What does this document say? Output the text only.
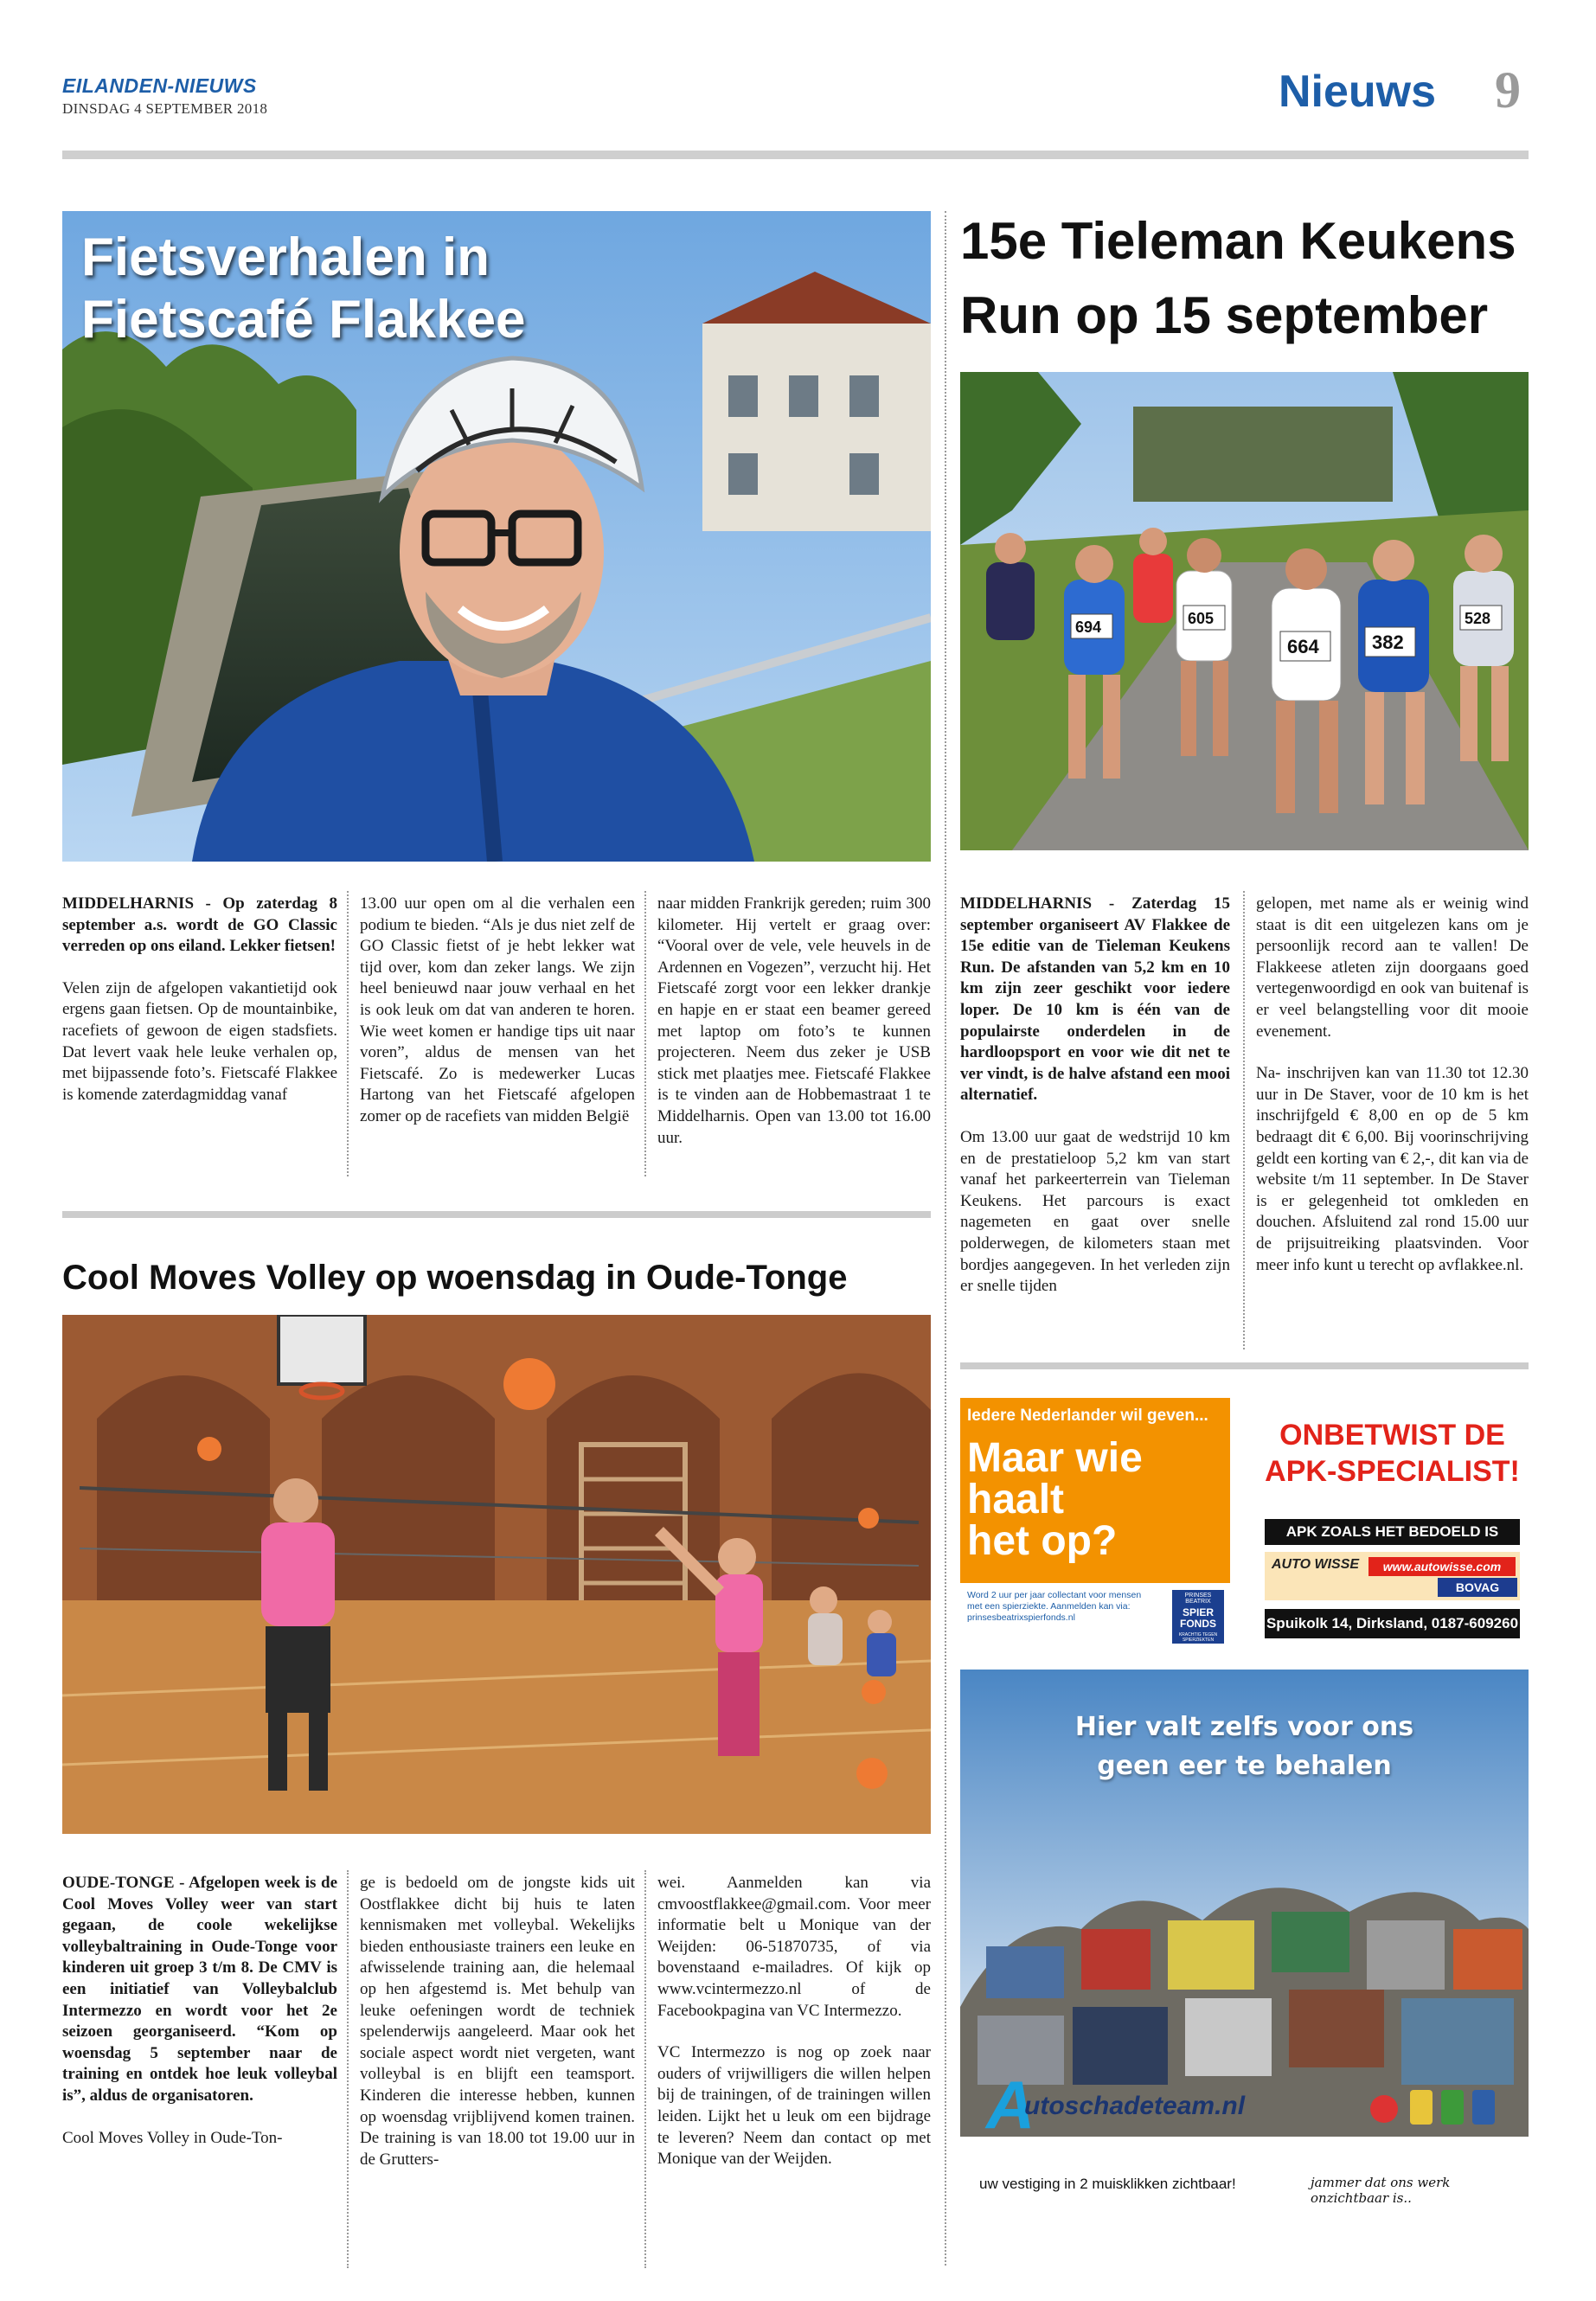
EILANDEN-NIEUWS
DINSDAG 4 SEPTEMBER 2018	Nieuws 9
Fietsverhalen in
Fietscafé Flakkee

MIDDELHARNIS - Op zaterdag 8 september a.s. wordt de GO Classic verreden op ons eiland. Lekker fietsen!

Velen zijn de afgelopen vakantietijd ook ergens gaan fietsen. Op de mountainbike, racefiets of gewoon de eigen stadsfiets. Dat levert vaak hele leuke verhalen op, met bijpassende foto’s. Fietscafé Flakkee is komende zaterdagmiddag vanaf

13.00 uur open om al die verhalen een podium te bieden. “Als je dus niet zelf de GO Classic fietst of je hebt lekker wat tijd over, kom dan zeker langs. We zijn heel benieuwd naar jouw verhaal en het is ook leuk om dat van anderen te horen. Wie weet komen er handige tips uit naar voren”, aldus de mensen van het Fietscafé. Zo is medewerker Lucas Hartong van het Fietscafé afgelopen zomer op de racefiets van midden België

naar midden Frankrijk gereden; ruim 300 kilometer. Hij vertelt er graag over: “Vooral over de vele, vele heuvels in de Ardennen en Vogezen”, verzucht hij. Het Fietscafé zorgt voor een lekker drankje en hapje en er staat een beamer gereed met laptop om foto’s te kunnen projecteren. Neem dus zeker je USB stick met plaatjes mee. Fietscafé Flakkee is te vinden aan de Hobbemastraat 1 te Middelharnis. Open van 13.00 tot 16.00 uur.

15e Tieleman Keukens
Run op 15 september
664	382
605	528
694

MIDDELHARNIS - Zaterdag 15 september organiseert AV Flakkee de 15e editie van de Tieleman Keukens Run. De afstanden van 5,2 km en 10 km zijn zeer geschikt voor iedere loper. De 10 km is één van de populairste onderdelen in de hardloopsport en voor wie dit net te ver vindt, is de halve afstand een mooi alternatief.

Om 13.00 uur gaat de wedstrijd 10 km en de prestatieloop 5,2 km van start vanaf het parkeerterrein van Tieleman Keukens. Het parcours is exact nagemeten en gaat over snelle polderwegen, de kilometers staan met bordjes aangegeven. In het verleden zijn er snelle tijden

gelopen, met name als er weinig wind staat is dit een uitgelezen kans om je persoonlijk record aan te vallen! De Flakkeese atleten zijn doorgaans goed vertegenwoordigd en ook van buitenaf is er veel belangstelling voor dit mooie evenement.

Na- inschrijven kan van 11.30 tot 12.30 uur in De Staver, voor de 10 km is het inschrijfgeld € 8,00 en op de 5 km bedraagt dit € 6,00. Bij voorinschrijving geldt een korting van € 2,-, dit kan via de website t/m 11 september. In De Staver is er gelegenheid tot omkleden en douchen. Afsluitend zal rond 15.00 uur de prijsuitreiking plaatsvinden. Voor meer info kunt u terecht op avflakkee.nl.

Cool Moves Volley op woensdag in Oude-Tonge

OUDE-TONGE - Afgelopen week is de Cool Moves Volley weer van start gegaan, de coole wekelijkse volleybaltraining in Oude-Tonge voor kinderen uit groep 3 t/m 8. De CMV is een initiatief van Volleybalclub Intermezzo en wordt voor het 2e seizoen georganiseerd. “Kom op woensdag 5 september naar de training en ontdek hoe leuk volleybal is”, aldus de organisatoren.

Cool Moves Volley in Oude-Ton-

ge is bedoeld om de jongste kids uit Oostflakkee dicht bij huis te laten kennismaken met volleybal. Wekelijks bieden enthousiaste trainers een leuke en afwisselende training aan, die helemaal op hen afgestemd is. Met behulp van leuke oefeningen wordt de techniek spelenderwijs aangeleerd. Maar ook het sociale aspect wordt niet vergeten, want volleybal is en blijft een teamsport. Kinderen die interesse hebben, kunnen op woensdag vrijblijvend komen trainen. De training is van 18.00 tot 19.00 uur in de Grutters-

wei. Aanmelden kan via cmvoostflakkee@gmail.com. Voor meer informatie belt u Monique van der Weijden: 06-51870735, of via bovenstaand e-mailadres. Of kijk op www.vcintermezzo.nl of de Facebookpagina van VC Intermezzo.

VC Intermezzo is nog op zoek naar ouders of vrijwilligers die willen helpen bij de trainingen, of de trainingen willen leiden. Lijkt het u leuk om een bijdrage te leveren? Neem dan contact op met Monique van der Weijden.

Iedere Nederlander wil geven...
Maar wie
haalt
het op?
Word 2 uur per jaar collectant voor mensen met een spierziekte. Aanmelden kan via: prinsesbeatrixspierfonds.nl
PRINSES BEATRIX
SPIER FONDS
KRACHTIG TEGEN SPIERZIEKTEN
ONBETWIST DE
APK-SPECIALIST!
APK ZOALS HET BEDOELD IS
AUTO WISSE	www.autowisse.com
BOVAG
Spuikolk 14, Dirksland, 0187-609260
Hier valt zelfs voor ons
geen eer te behalen
A
utoschadeteam.nl
uw vestiging in 2 muisklikken zichtbaar!	jammer dat ons werk onzichtbaar is..
